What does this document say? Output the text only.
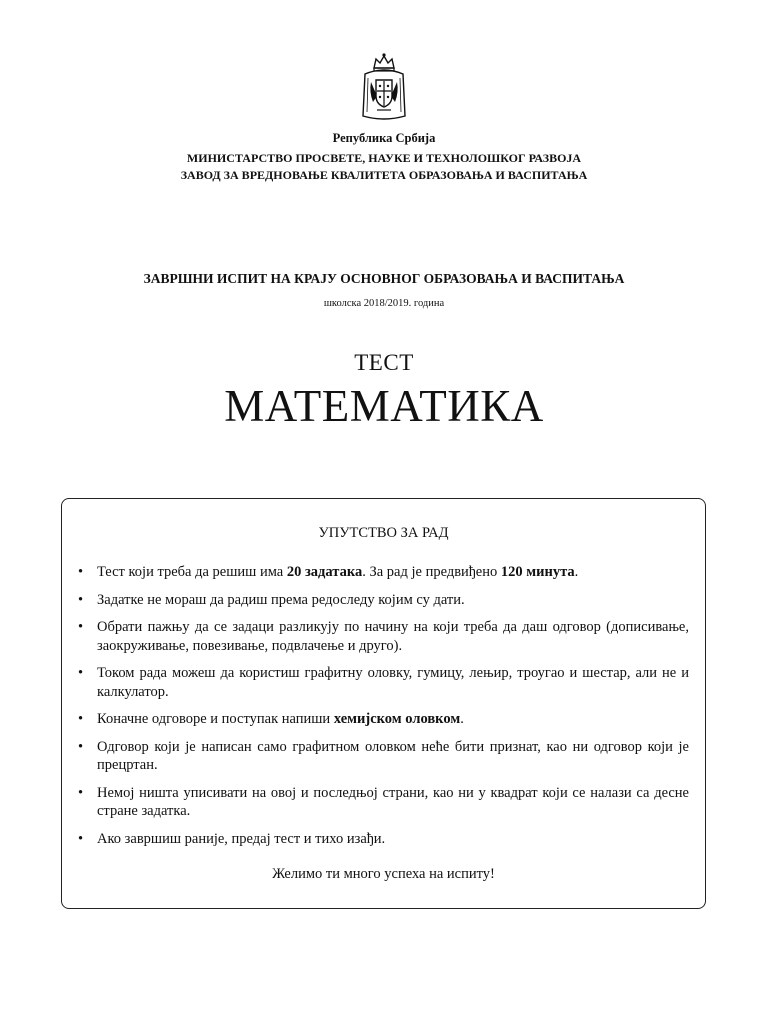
Република Србија
МИНИСТАРСТВО ПРОСВЕТЕ, НАУКЕ И ТЕХНОЛОШКОГ РАЗВОЈА
ЗАВОД ЗА ВРЕДНОВАЊЕ КВАЛИТЕТА ОБРАЗОВАЊА И ВАСПИТАЊА
ЗАВРШНИ ИСПИТ НА КРАЈУ ОСНОВНОГ ОБРАЗОВАЊА И ВАСПИТАЊА
школска 2018/2019. година
ТЕСТ
МАТЕМАТИКА
УПУТСТВО ЗА РАД
• Тест који треба да решиш има 20 задатака. За рад је предвиђено 120 минута.
• Задатке не мораш да радиш према редоследу којим су дати.
• Обрати пажњу да се задаци разликују по начину на који треба да даш одговор (дописивање, заокруживање, повезивање, подвлачење и друго).
• Током рада можеш да користиш графитну оловку, гумицу, лењир, троугао и шестар, али не и калкулатор.
• Коначне одговоре и поступак напиши хемијском оловком.
• Одговор који је написан само графитном оловком неће бити признат, као ни одговор који је прецртан.
• Немој ништа уписивати на овој и последњој страни, као ни у квадрат који се налази са десне стране задатка.
• Ако завршиш раније, предај тест и тихо изађи.
Желимо ти много успеха на испиту!
